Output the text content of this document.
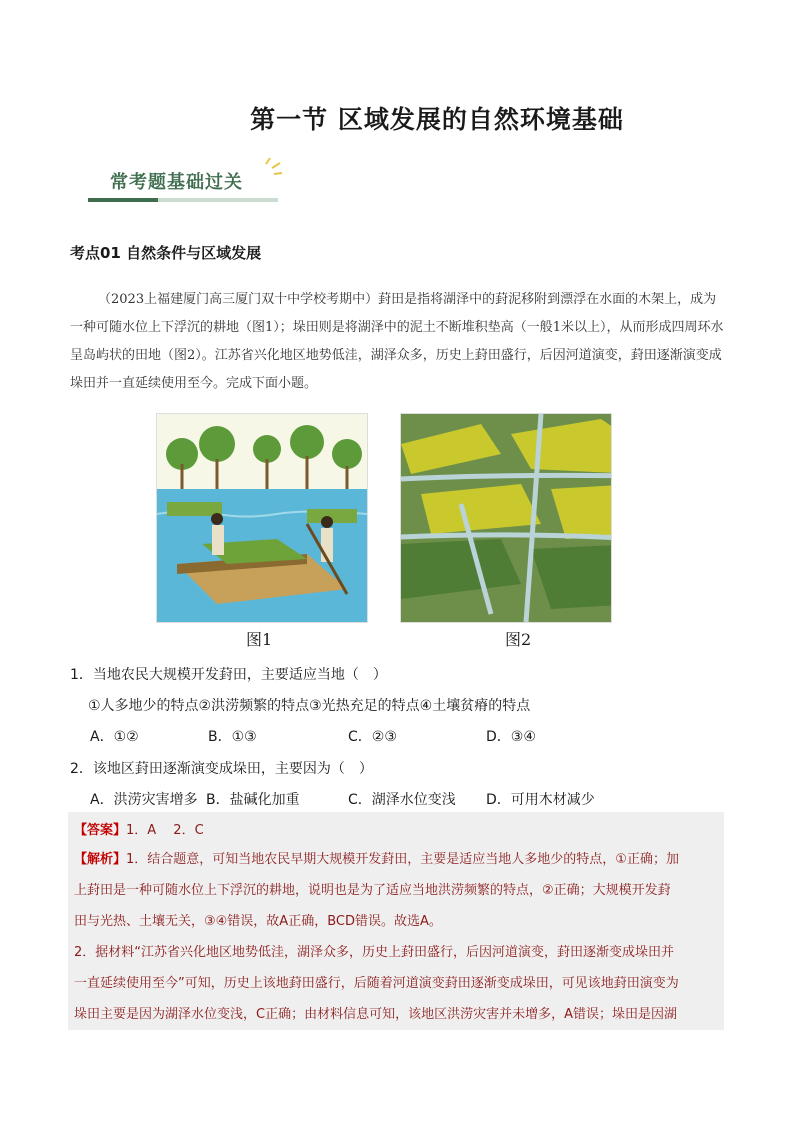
第一节 区域发展的自然环境基础
常考题基础过关
考点01 自然条件与区域发展
（2023上福建厦门高三厦门双十中学校考期中）葑田是指将湖泽中的葑泥移附到漂浮在水面的木架上，成为一种可随水位上下浮沉的耕地（图1）；垛田则是将湖泽中的泥土不断堆积垫高（一般1米以上），从而形成四周环水呈岛屿状的田地（图2）。江苏省兴化地区地势低洼，湖泽众多，历史上葑田盛行，后因河道演变，葑田逐渐演变成垛田并一直延续使用至今。完成下面小题。
图1	图2
1．当地农民大规模开发葑田，主要适应当地（　）
①人多地少的特点②洪涝频繁的特点③光热充足的特点④土壤贫瘠的特点
A．①②	B．①③	C．②③	D．③④
2．该地区葑田逐渐演变成垛田，主要因为（　）
A．洪涝灾害增多 B．盐碱化加重	C．湖泽水位变浅 D．可用木材减少
【答案】1．A　 2．C
【解析】1．结合题意，可知当地农民早期大规模开发葑田，主要是适应当地人多地少的特点，①正确；加
上葑田是一种可随水位上下浮沉的耕地，说明也是为了适应当地洪涝频繁的特点，②正确；大规模开发葑
田与光热、土壤无关，③④错误，故A正确，BCD错误。故选A。
2．据材料“江苏省兴化地区地势低洼，湖泽众多，历史上葑田盛行，后因河道演变，葑田逐渐变成垛田并
一直延续使用至今”可知，历史上该地葑田盛行，后随着河道演变葑田逐渐变成垛田，可见该地葑田演变为
垛田主要是因为湖泽水位变浅，C正确；由材料信息可知，该地区洪涝灾害并未增多，A错误；垛田是因湖
